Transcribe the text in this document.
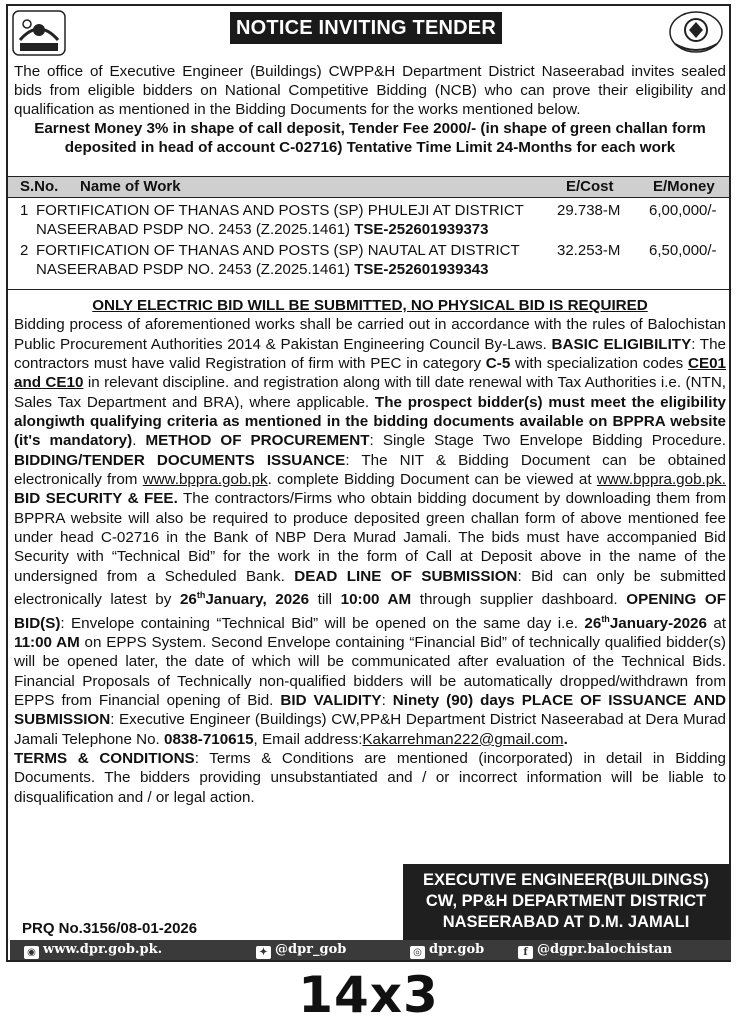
NOTICE INVITING TENDER

The office of Executive Engineer (Buildings) CWPP&H Department District Naseerabad invites sealed bids from eligible bidders on National Competitive Bidding (NCB) who can prove their eligibility and qualification as mentioned in the Bidding Documents for the works mentioned below.

Earnest Money 3% in shape of call deposit, Tender Fee 2000/- (in shape of green challan form deposited in head of account C-02716) Tentative Time Limit 24-Months for each work

S.No. Name of Work	E/Cost	E/Money
1 FORTIFICATION OF THANAS AND POSTS (SP) PHULEJI AT DISTRICT
NASEERABAD PSDP NO. 2453 (Z.2025.1461) TSE-252601939373
29.738-M 6,00,000/-
2 FORTIFICATION OF THANAS AND POSTS (SP) NAUTAL AT DISTRICT
NASEERABAD PSDP NO. 2453 (Z.2025.1461) TSE-252601939343
32.253-M 6,50,000/-

ONLY ELECTRIC BID WILL BE SUBMITTED, NO PHYSICAL BID IS REQUIRED

Bidding process of aforementioned works shall be carried out in accordance with the rules of Balochistan Public Procurement Authorities 2014 & Pakistan Engineering Council By-Laws. BASIC ELIGIBILITY: The contractors must have valid Registration of firm with PEC in category C-5 with specialization codes CE01 and CE10 in relevant discipline. and registration along with till date renewal with Tax Authorities i.e. (NTN, Sales Tax Department and BRA), where applicable. The prospect bidder(s) must meet the eligibility alongiwth qualifying criteria as mentioned in the bidding documents available on BPPRA website (it's mandatory). METHOD OF PROCUREMENT: Single Stage Two Envelope Bidding Procedure. BIDDING/TENDER DOCUMENTS ISSUANCE: The NIT & Bidding Document can be obtained electronically from www.bppra.gob.pk. complete Bidding Document can be viewed at www.bppra.gob.pk. BID SECURITY & FEE. The contractors/Firms who obtain bidding document by downloading them from BPPRA website will also be required to produce deposited green challan form of above mentioned fee under head C-02716 in the Bank of NBP Dera Murad Jamali. The bids must have accompanied Bid Security with “Technical Bid” for the work in the form of Call at Deposit above in the name of the undersigned from a Scheduled Bank. DEAD LINE OF SUBMISSION: Bid can only be submitted electronically latest by 26thJanuary, 2026 till 10:00 AM through supplier dashboard. OPENING OF BID(S): Envelope containing “Technical Bid” will be opened on the same day i.e. 26thJanuary-2026 at 11:00 AM on EPPS System. Second Envelope containing “Financial Bid” of technically qualified bidder(s) will be opened later, the date of which will be communicated after evaluation of the Technical Bids. Financial Proposals of Technically non-qualified bidders will be automatically dropped/withdrawn from EPPS from Financial opening of Bid. BID VALIDITY: Ninety (90) days PLACE OF ISSUANCE AND SUBMISSION: Executive Engineer (Buildings) CW,PP&H Department District Naseerabad at Dera Murad Jamali Telephone No. 0838-710615, Email address:Kakarrehman222@gmail.com.
TERMS & CONDITIONS: Terms & Conditions are mentioned (incorporated) in detail in Bidding Documents. The bidders providing unsubstantiated and / or incorrect information will be liable to disqualification and / or legal action.

EXECUTIVE ENGINEER(BUILDINGS)
CW, PP&H DEPARTMENT DISTRICT
NASEERABAD AT D.M. JAMALI
PRQ No.3156/08-01-2026
◉ www.dpr.gob.pk.	✦ @dpr_gob	◎ dpr.gob	f @dgpr.balochistan
14x3
